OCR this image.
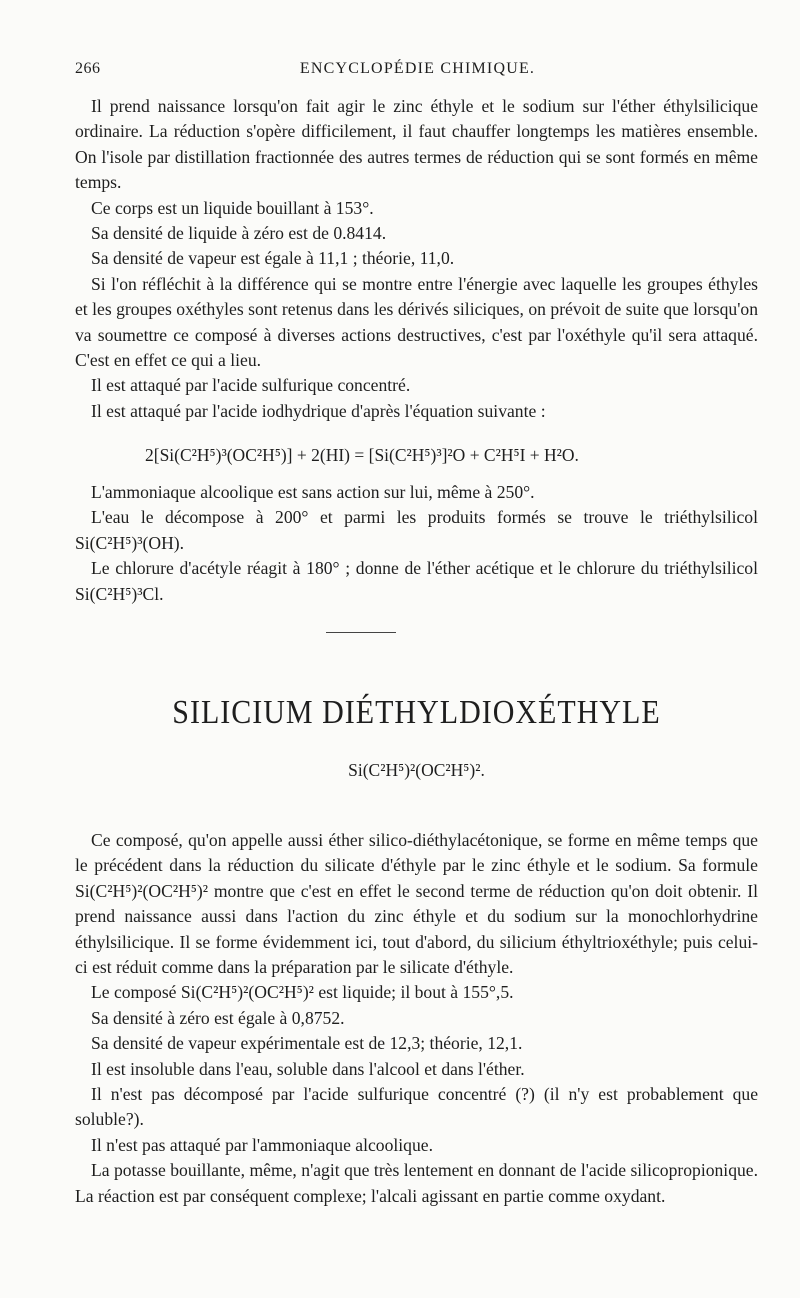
266	ENCYCLOPÉDIE CHIMIQUE.

Il prend naissance lorsqu'on fait agir le zinc éthyle et le sodium sur l'éther éthylsilicique ordinaire. La réduction s'opère difficilement, il faut chauffer longtemps les matières ensemble. On l'isole par distillation fractionnée des autres termes de réduction qui se sont formés en même temps.

Ce corps est un liquide bouillant à 153°.

Sa densité de liquide à zéro est de 0.8414.

Sa densité de vapeur est égale à 11,1 ; théorie, 11,0.

Si l'on réfléchit à la différence qui se montre entre l'énergie avec laquelle les groupes éthyles et les groupes oxéthyles sont retenus dans les dérivés siliciques, on prévoit de suite que lorsqu'on va soumettre ce composé à diverses actions destructives, c'est par l'oxéthyle qu'il sera attaqué. C'est en effet ce qui a lieu.

Il est attaqué par l'acide sulfurique concentré.

Il est attaqué par l'acide iodhydrique d'après l'équation suivante :

2[Si(C²H⁵)³(OC²H⁵)] + 2(HI) = [Si(C²H⁵)³]²O + C²H⁵I + H²O.

L'ammoniaque alcoolique est sans action sur lui, même à 250°.

L'eau le décompose à 200° et parmi les produits formés se trouve le triéthylsilicol Si(C²H⁵)³(OH).

Le chlorure d'acétyle réagit à 180° ; donne de l'éther acétique et le chlorure du triéthylsilicol Si(C²H⁵)³Cl.

SILICIUM DIÉTHYLDIOXÉTHYLE
Si(C²H⁵)²(OC²H⁵)².

Ce composé, qu'on appelle aussi éther silico-diéthylacétonique, se forme en même temps que le précédent dans la réduction du silicate d'éthyle par le zinc éthyle et le sodium. Sa formule Si(C²H⁵)²(OC²H⁵)² montre que c'est en effet le second terme de réduction qu'on doit obtenir. Il prend naissance aussi dans l'action du zinc éthyle et du sodium sur la monochlorhydrine éthylsilicique. Il se forme évidemment ici, tout d'abord, du silicium éthyltrioxéthyle; puis celui-ci est réduit comme dans la préparation par le silicate d'éthyle.

Le composé Si(C²H⁵)²(OC²H⁵)² est liquide; il bout à 155°,5.

Sa densité à zéro est égale à 0,8752.

Sa densité de vapeur expérimentale est de 12,3; théorie, 12,1.

Il est insoluble dans l'eau, soluble dans l'alcool et dans l'éther.

Il n'est pas décomposé par l'acide sulfurique concentré (?) (il n'y est probablement que soluble?).

Il n'est pas attaqué par l'ammoniaque alcoolique.

La potasse bouillante, même, n'agit que très lentement en donnant de l'acide silicopropionique. La réaction est par conséquent complexe; l'alcali agissant en partie comme oxydant.
